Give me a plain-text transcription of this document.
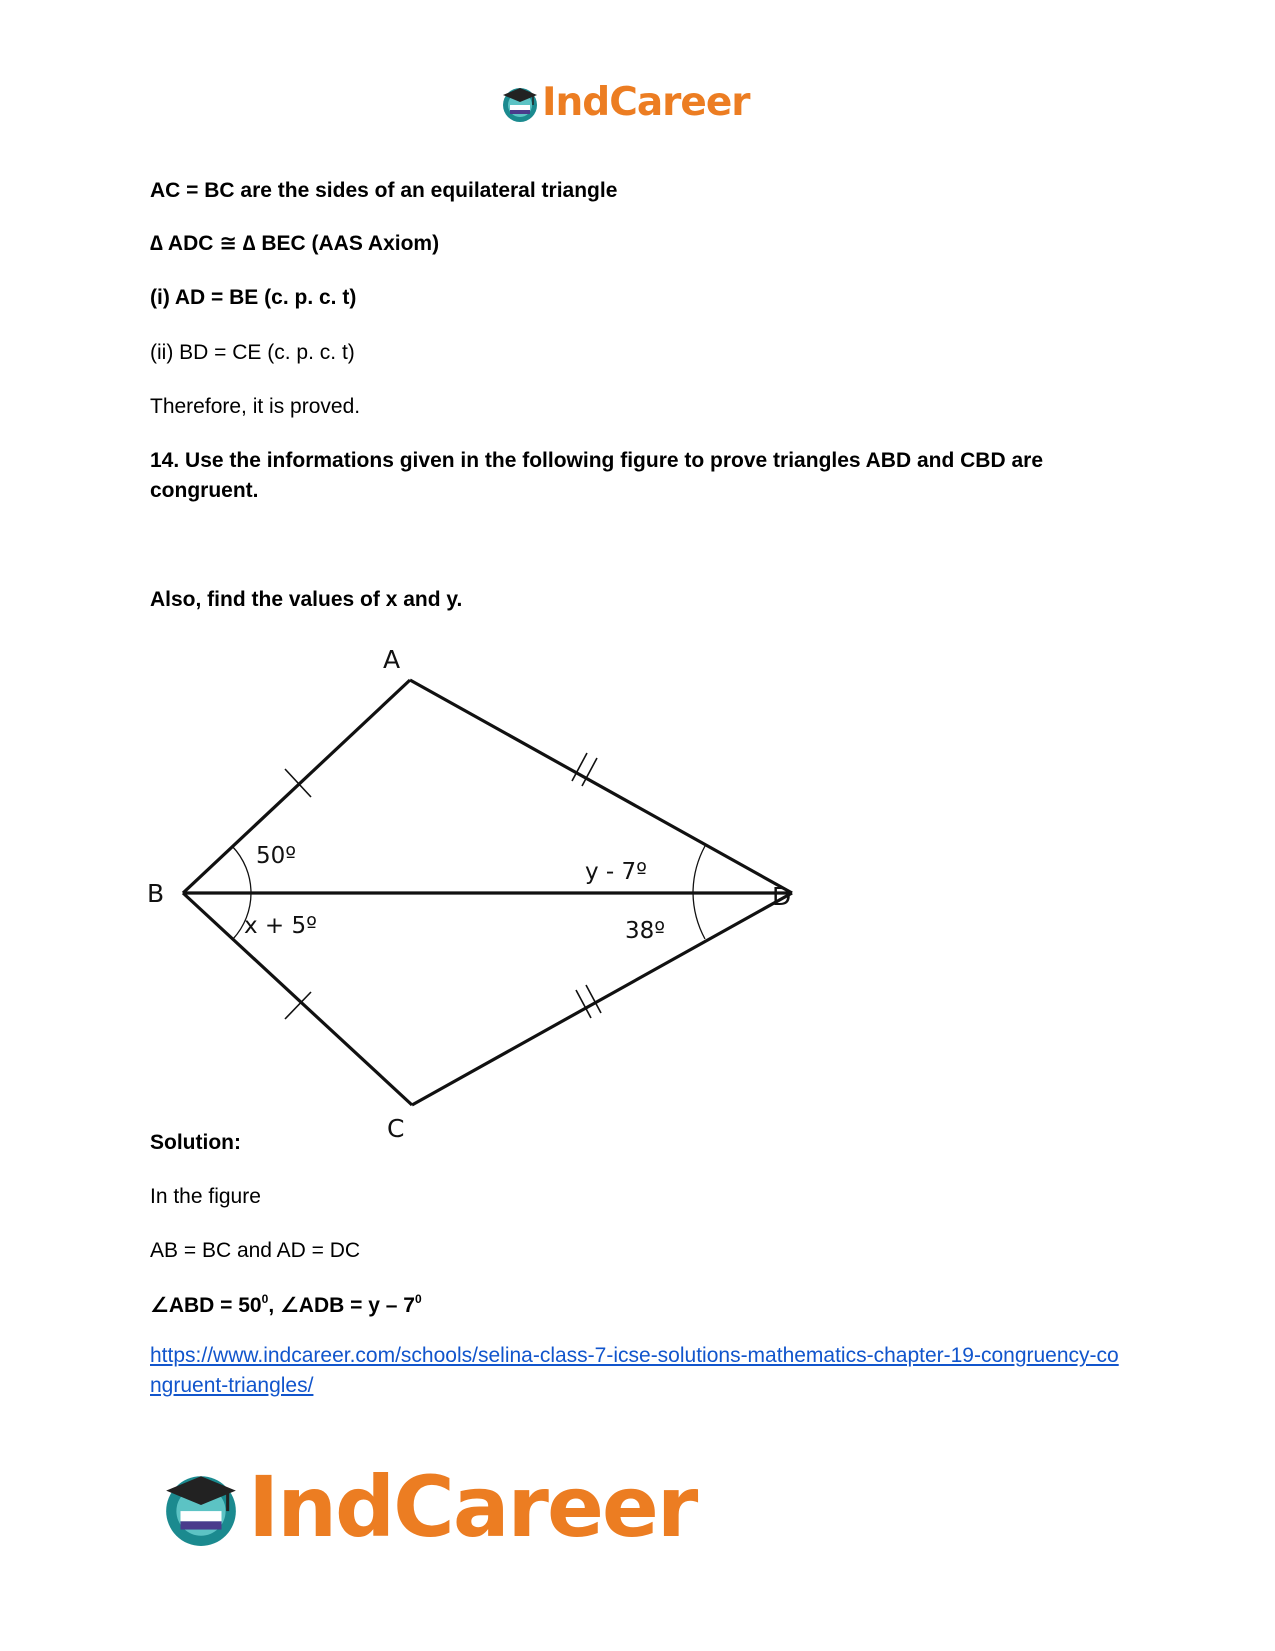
IndCareer

AC = BC are the sides of an equilateral triangle

∆ ADC ≅ ∆ BEC (AAS Axiom)

(i) AD = BE (c. p. c. t)

(ii) BD = CE (c. p. c. t)

Therefore, it is proved.

14. Use the informations given in the following figure to prove triangles ABD and CBD are congruent.

Also, find the values of x and y.

A
B
C
D
50º
x + 5º
y - 7º
38º

Solution:

In the figure

AB = BC and AD = DC

∠ABD = $50^0$, ∠ADB = y – $7^0$

https://www.indcareer.com/schools/selina-class-7-icse-solutions-mathematics-chapter-19-congruency-congruent-triangles/
IndCareer
